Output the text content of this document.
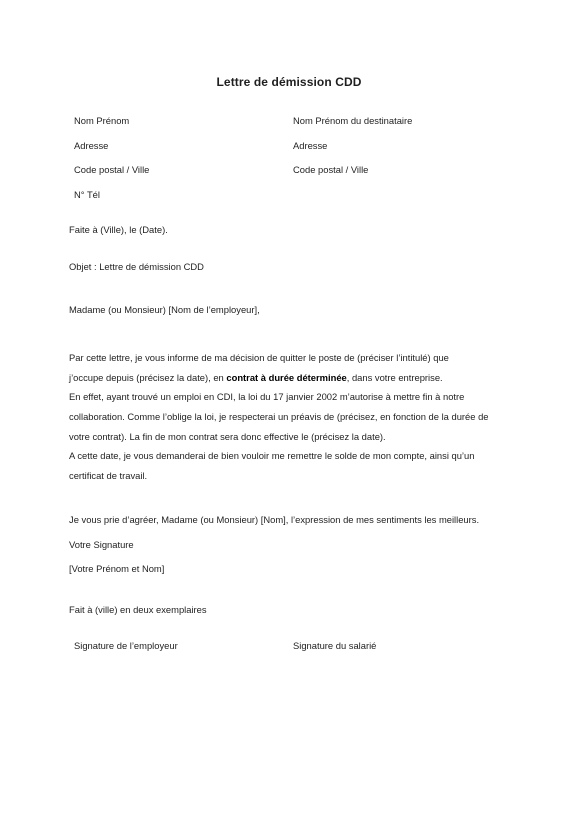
Lettre de démission CDD
Nom Prénom
Adresse
Code postal / Ville
N° Tél
Nom Prénom du destinataire
Adresse
Code postal / Ville
Faite à (Ville), le (Date).
Objet : Lettre de démission CDD
Madame (ou Monsieur) [Nom de l’employeur],
Par cette lettre, je vous informe de ma décision de quitter le poste de (préciser l’intitulé) que
j’occupe depuis (précisez la date), en contrat à durée déterminée, dans votre entreprise.
En effet, ayant trouvé un emploi en CDI, la loi du 17 janvier 2002 m’autorise à mettre fin à notre
collaboration. Comme l’oblige la loi, je respecterai un préavis de (précisez, en fonction de la durée de
votre contrat). La fin de mon contrat sera donc effective le (précisez la date).
A cette date, je vous demanderai de bien vouloir me remettre le solde de mon compte, ainsi qu’un
certificat de travail.
Je vous prie d’agréer, Madame (ou Monsieur) [Nom], l’expression de mes sentiments les meilleurs.
Votre Signature
[Votre Prénom et Nom]
Fait à (ville) en deux exemplaires
Signature de l’employeur	Signature du salarié
